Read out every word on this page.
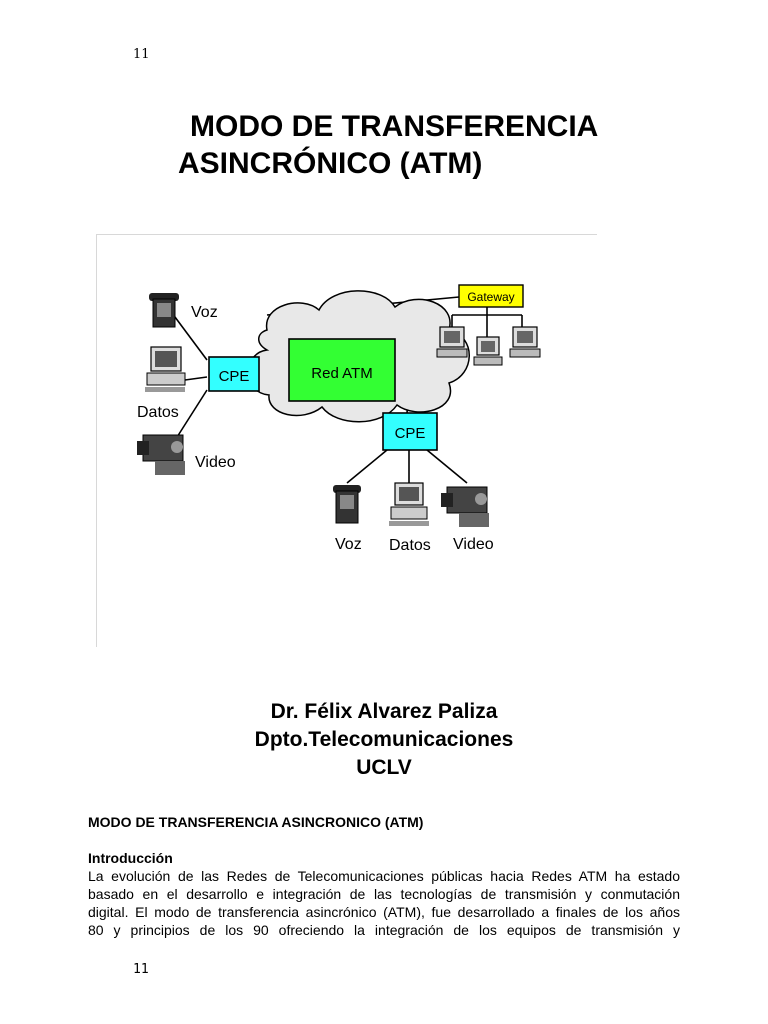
11
MODO DE TRANSFERENCIA
ASINCRÓNICO (ATM)
Red ATM
CPE
CPE
Gateway
Voz
Datos
Video
Voz Datos Video
Dr. Félix Alvarez Paliza
Dpto.Telecomunicaciones
UCLV
MODO DE TRANSFERENCIA ASINCRONICO (ATM)
Introducción
La evolución de las Redes de Telecomunicaciones públicas hacia Redes ATM ha estado
basado en el desarrollo e integración de las tecnologías de transmisión y conmutación
digital. El modo de transferencia asincrónico (ATM), fue desarrollado a finales de los años
80 y principios de los 90 ofreciendo la integración de los equipos de transmisión y
11
